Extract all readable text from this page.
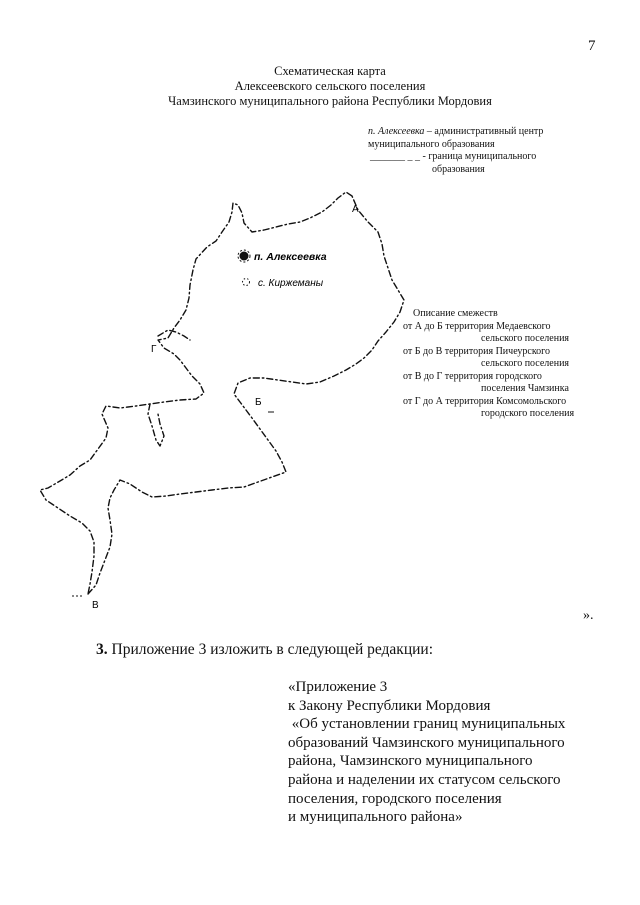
7
Схематическая карта
Алексеевского сельского поселения
Чамзинского муниципального района Республики Мордовия
п. Алексеевка – административный центр
муниципального образования
_______ _ _ - граница муниципального
образования
А
Б
В
Г
п. Алексеевка
с. Киржеманы
Описание смежеств
от А до Б территория Медаевского
сельского поселения
от Б до В территория Пичеурского
сельского поселения
от В до Г территория городского
поселения Чамзинка
от Г до А территория Комсомольского
городского поселения
».
3. Приложение 3 изложить в следующей редакции:
«Приложение 3
к Закону Республики Мордовия
«Об установлении границ муниципальных
образований Чамзинского муниципального
района, Чамзинского муниципального
района и наделении их статусом сельского
поселения, городского поселения
и муниципального района»
